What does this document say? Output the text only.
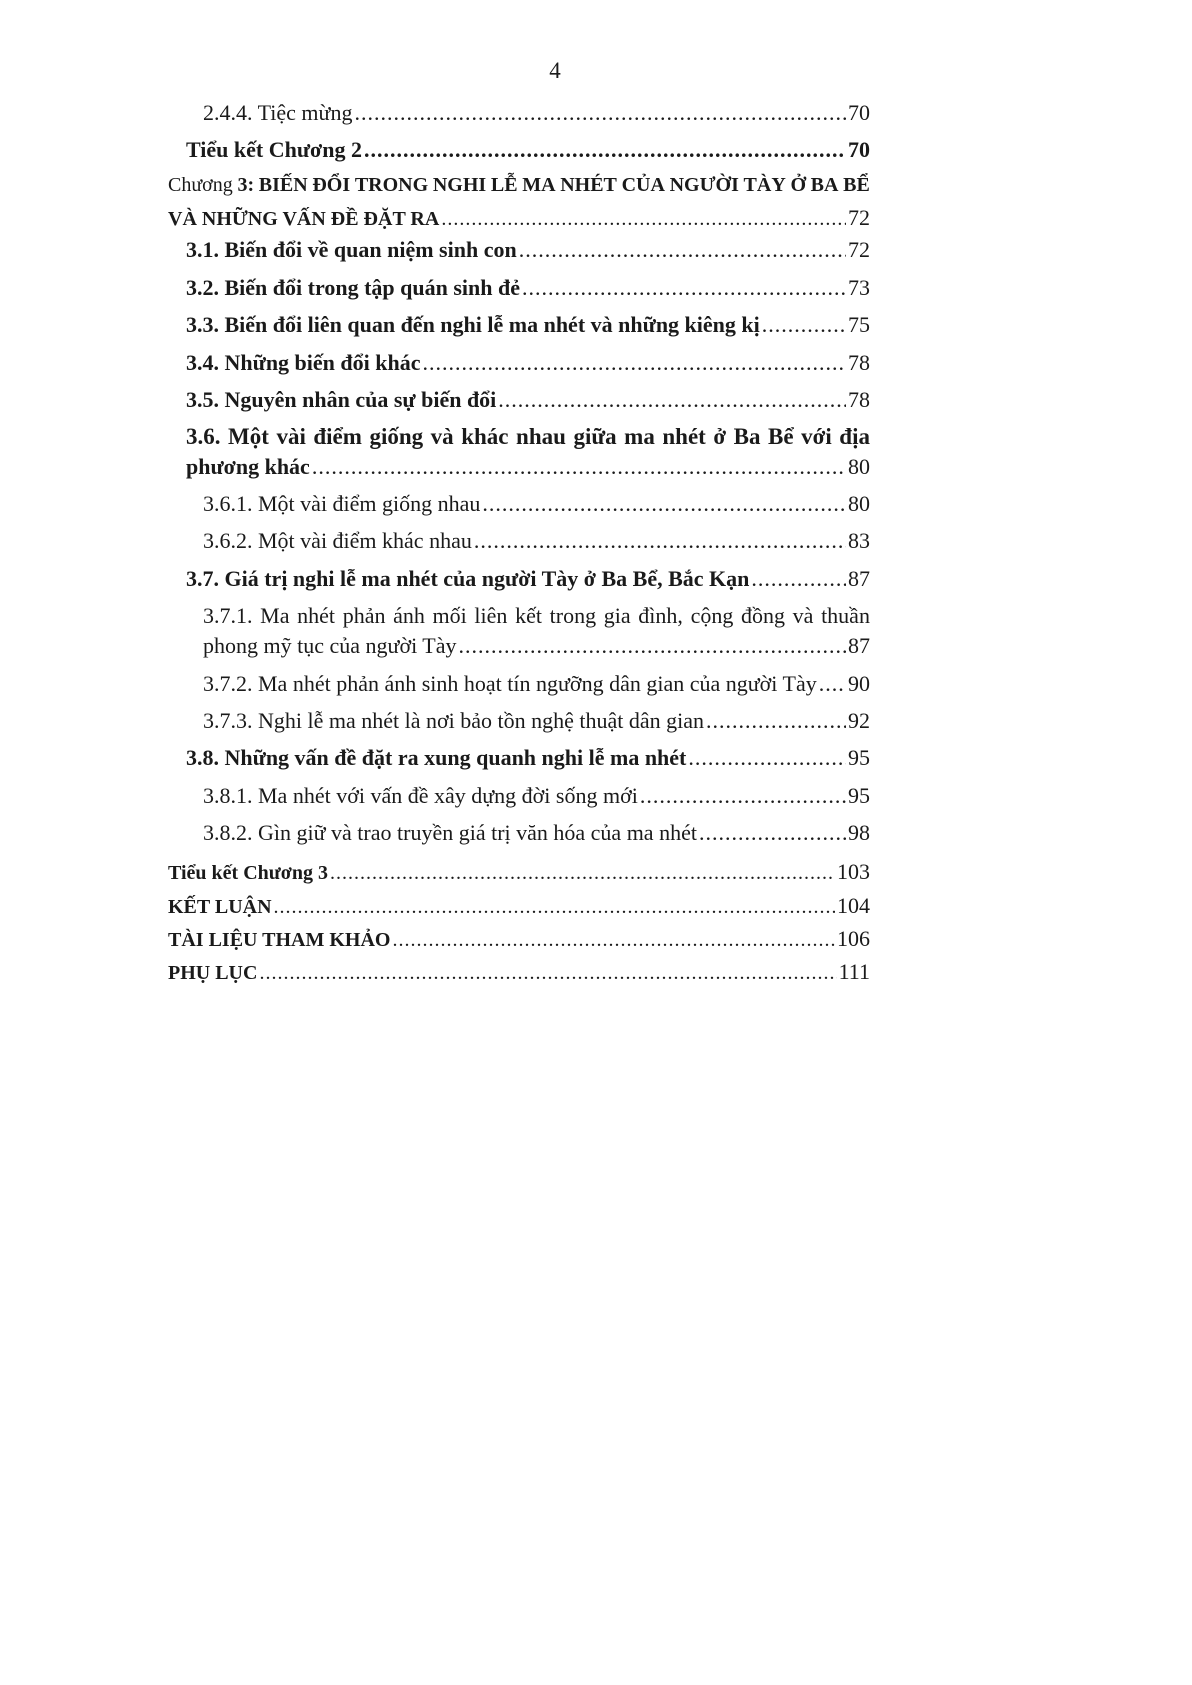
4
2.4.4. Tiệc mừng .....	70
Tiểu kết Chương 2 .....	70
Chương 3: BIẾN ĐỔI TRONG NGHI LỄ MA NHÉT CỦA NGƯỜI TÀY Ở BA BỂ
VÀ NHỮNG VẤN ĐỀ ĐẶT RA .....	72
3.1. Biến đổi về quan niệm sinh con .....	72
3.2. Biến đổi trong tập quán sinh đẻ .....	73
3.3. Biến đổi liên quan đến nghi lễ ma nhét và những kiêng kị .....	75
3.4. Những biến đổi khác .....	78
3.5. Nguyên nhân của sự biến đổi .....	78
3.6. Một vài điểm giống và khác nhau giữa ma nhét ở Ba Bể với địa
phương khác .....	80
3.6.1. Một vài điểm giống nhau .....	80
3.6.2. Một vài điểm khác nhau .....	83
3.7. Giá trị nghi lễ ma nhét của người Tày ở Ba Bể, Bắc Kạn .....	87
3.7.1. Ma nhét phản ánh mối liên kết trong gia đình, cộng đồng và thuần
phong mỹ tục của người Tày .....	87
3.7.2. Ma nhét phản ánh sinh hoạt tín ngưỡng dân gian của người Tày ..... 90
3.7.3. Nghi lễ ma nhét là nơi bảo tồn nghệ thuật dân gian .....	92
3.8. Những vấn đề đặt ra xung quanh nghi lễ ma nhét .....	95
3.8.1. Ma nhét với vấn đề xây dựng đời sống mới .....	95
3.8.2. Gìn giữ và trao truyền giá trị văn hóa của ma nhét .....	98
Tiểu kết Chương 3 .....	103
KẾT LUẬN .....	104
TÀI LIỆU THAM KHẢO .....	106
PHỤ LỤC .....	111
